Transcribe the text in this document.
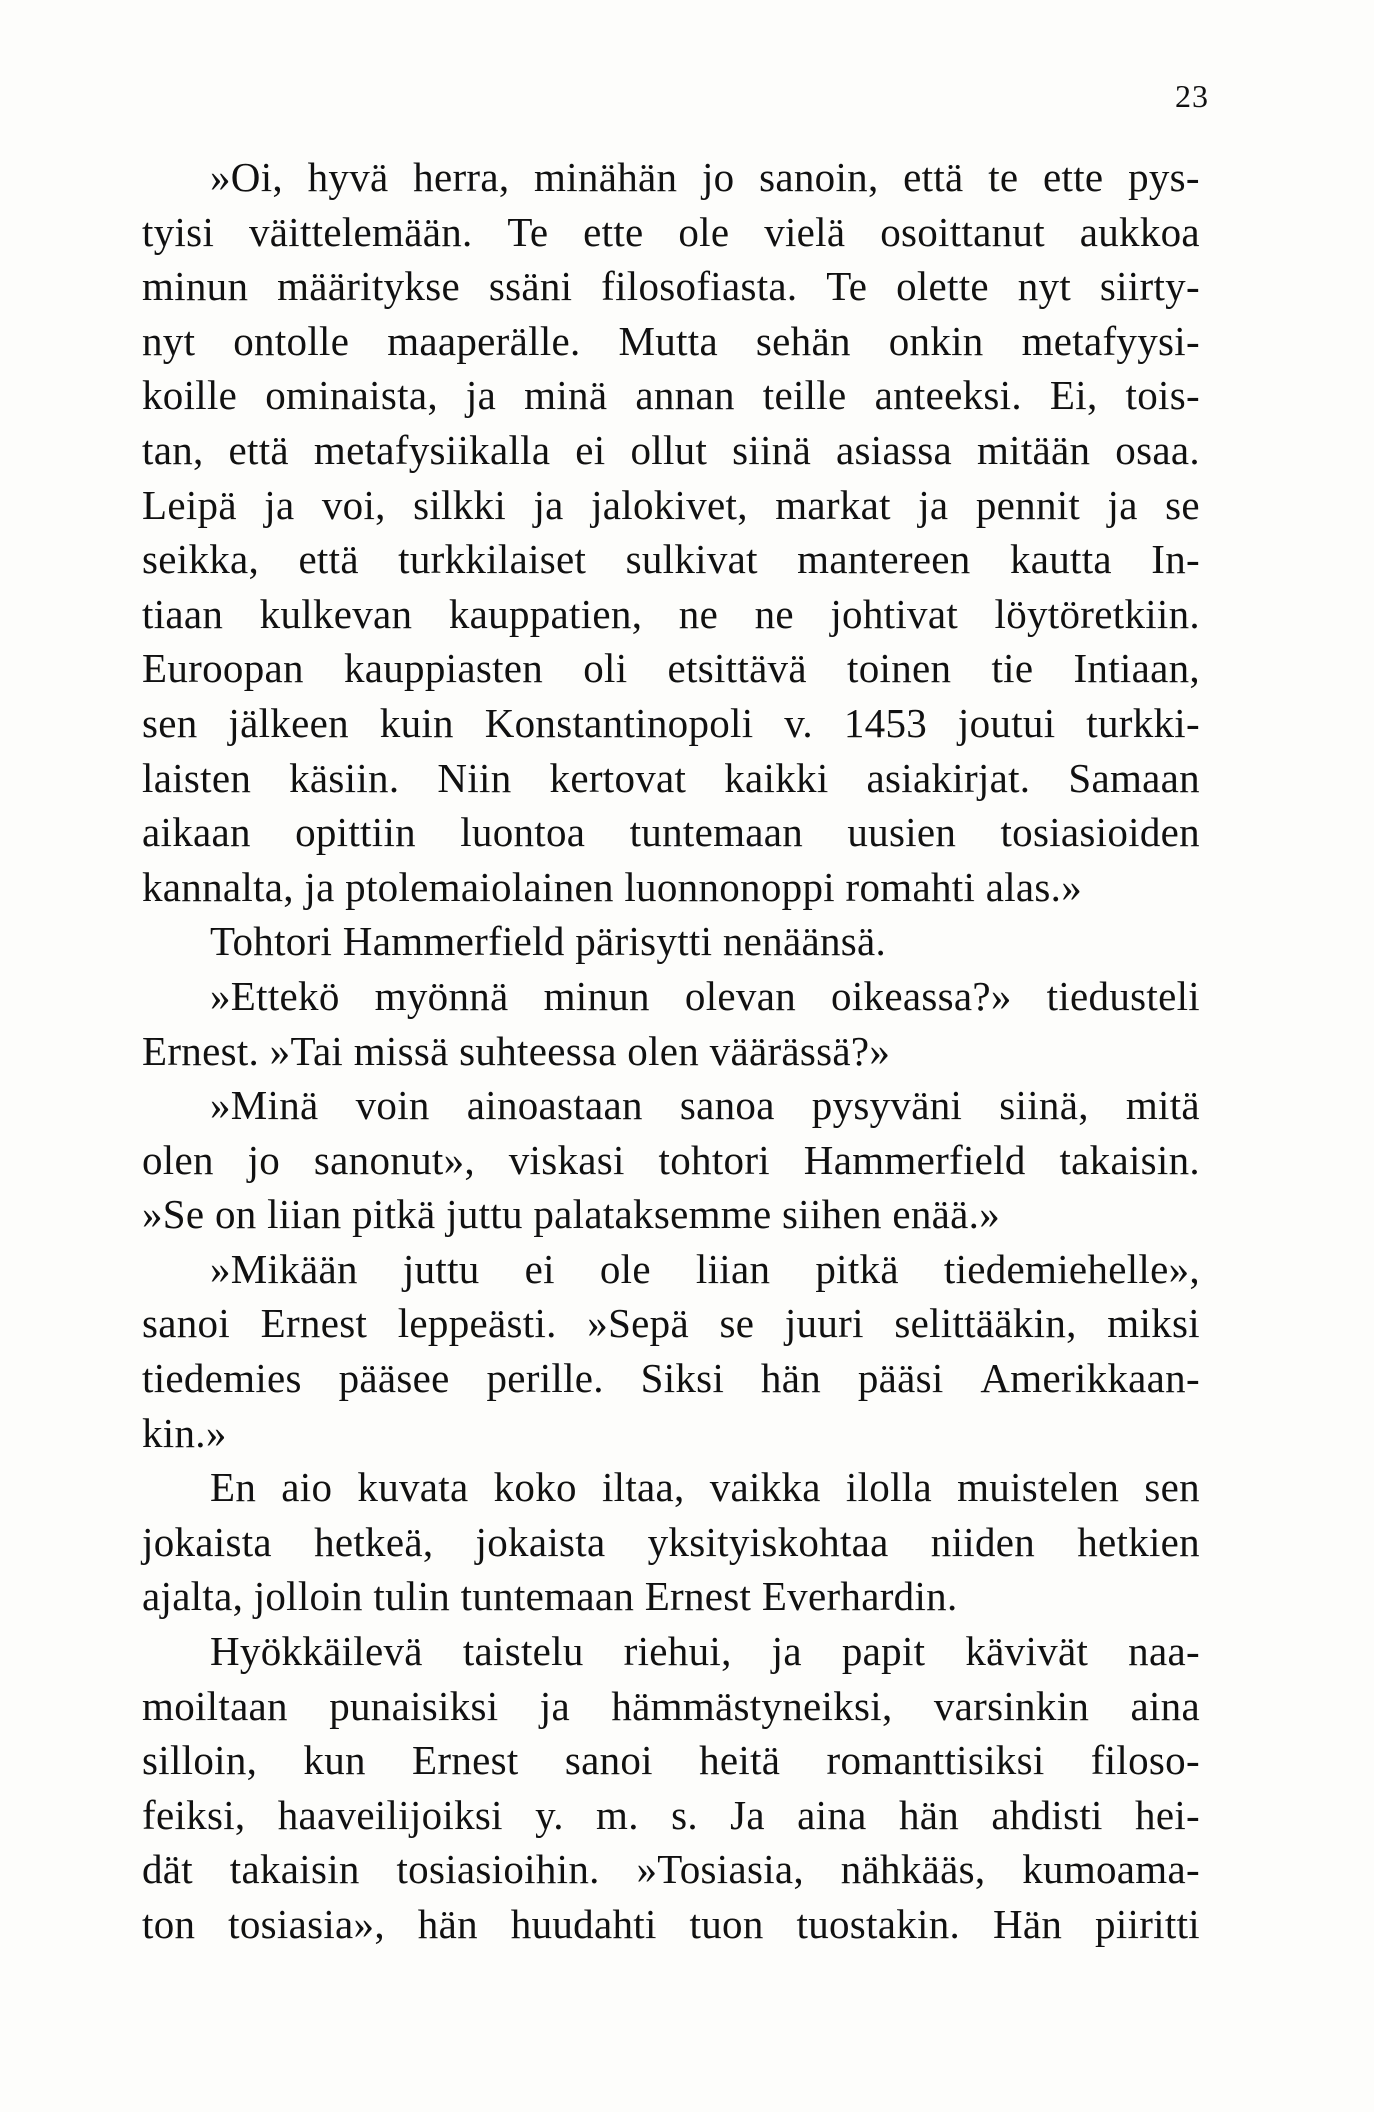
23
»Oi, hyvä herra, minähän jo sanoin, että te ette pys-
tyisi väittelemään. Te ette ole vielä osoittanut aukkoa
minun määritykse ssäni filosofiasta. Te olette nyt siirty-
nyt ontolle maaperälle. Mutta sehän onkin metafyysi-
koille ominaista, ja minä annan teille anteeksi. Ei, tois-
tan, että metafysiikalla ei ollut siinä asiassa mitään osaa.
Leipä ja voi, silkki ja jalokivet, markat ja pennit ja se
seikka, että turkkilaiset sulkivat mantereen kautta In-
tiaan kulkevan kauppatien, ne ne johtivat löytöretkiin.
Euroopan kauppiasten oli etsittävä toinen tie Intiaan,
sen jälkeen kuin Konstantinopoli v. 1453 joutui turkki-
laisten käsiin. Niin kertovat kaikki asiakirjat. Samaan
aikaan opittiin luontoa tuntemaan uusien tosiasioiden
kannalta,
ja
ptolemaiolainen
luonnonoppi
romahti
alas.»
Tohtori
Hammerfield
pärisytti
nenäänsä.
»Ettekö myönnä minun olevan oikeassa?» tiedusteli
Ernest.
»Tai
missä
suhteessa
olen
väärässä?»
»Minä voin ainoastaan sanoa pysyväni siinä, mitä
olen jo sanonut», viskasi tohtori Hammerfield takaisin.
»Se
on
liian
pitkä
juttu
palataksemme
siihen
enää.»
»Mikään juttu ei ole liian pitkä tiedemiehelle»,
sanoi Ernest leppeästi. »Sepä se juuri selittääkin, miksi
tiedemies pääsee perille. Siksi hän pääsi Amerikkaan-
kin.»
En aio kuvata koko iltaa, vaikka ilolla muistelen sen
jokaista hetkeä, jokaista yksityiskohtaa niiden hetkien
ajalta,
jolloin
tulin
tuntemaan
Ernest
Everhardin.
Hyökkäilevä taistelu riehui, ja papit kävivät naa-
moiltaan punaisiksi ja hämmästyneiksi, varsinkin aina
silloin, kun Ernest sanoi heitä romanttisiksi filoso-
feiksi, haaveilijoiksi y. m. s. Ja aina hän ahdisti hei-
dät takaisin tosiasioihin. »Tosiasia, nähkääs, kumoama-
ton tosiasia», hän huudahti tuon tuostakin. Hän piiritti
